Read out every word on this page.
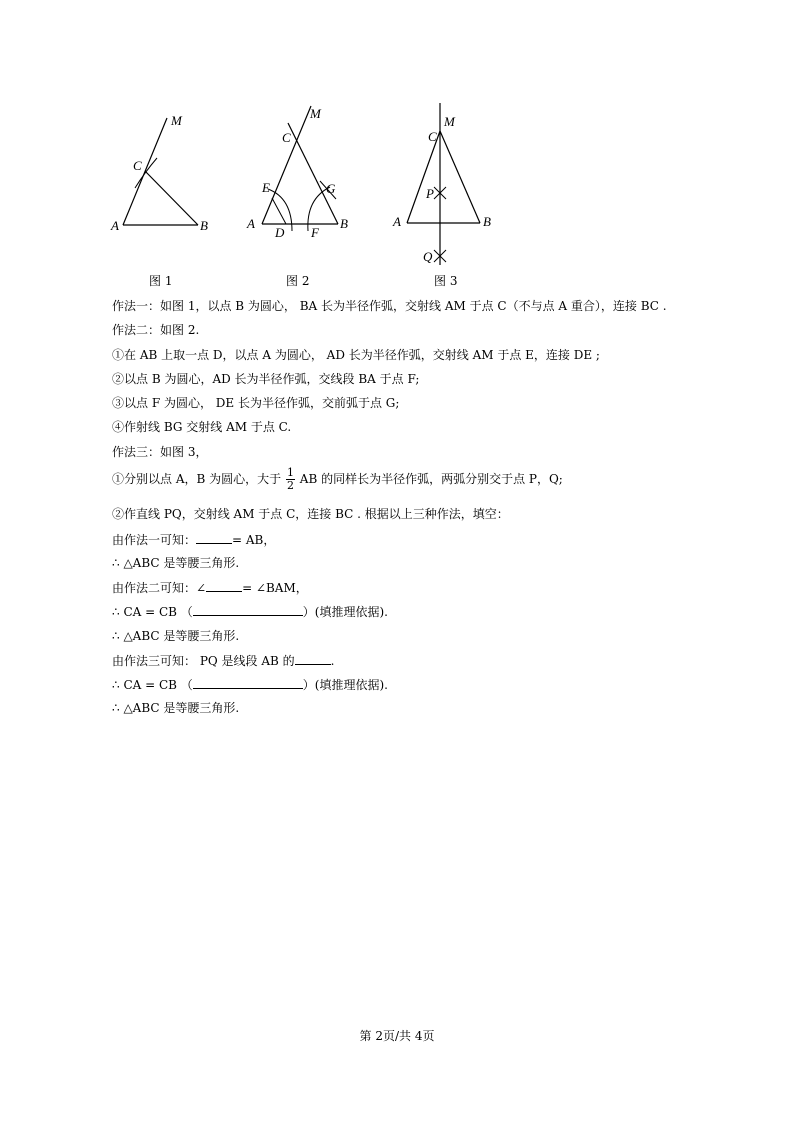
M
C
A	B
图 1
M
C
E	G
A
D F
B
图 2
C
M
P
A	B
Q
图 3
作法一：如图 1，以点 B 为圆心， BA 长为半径作弧，交射线 AM 于点 C（不与点 A 重合），连接 BC .
作法二：如图 2.
①在 AB 上取一点 D，以点 A 为圆心， AD 长为半径作弧，交射线 AM 于点 E，连接 DE ;
②以点 B 为圆心，AD 长为半径作弧，交线段 BA 于点 F;
③以点 F 为圆心， DE 长为半径作弧，交前弧于点 G;
④作射线 BG 交射线 AM 于点 C.
作法三：如图 3，
①分别以点 A，B 为圆心，大于 $\frac{1}{2}$ AB 的同样长为半径作弧，两弧分别交于点 P，Q;
②作直线 PQ，交射线 AM 于点 C，连接 BC . 根据以上三种作法，填空：
由作法一可知：	= AB，
∴ △ABC 是等腰三角形.
由作法二可知：∠	= ∠BAM，
∴ CA = CB （	）(填推理依据).
∴ △ABC 是等腰三角形.
由作法三可知： PQ 是线段 AB 的	.
∴ CA = CB （	）(填推理依据).
∴ △ABC 是等腰三角形.
第 2页/共 4页
